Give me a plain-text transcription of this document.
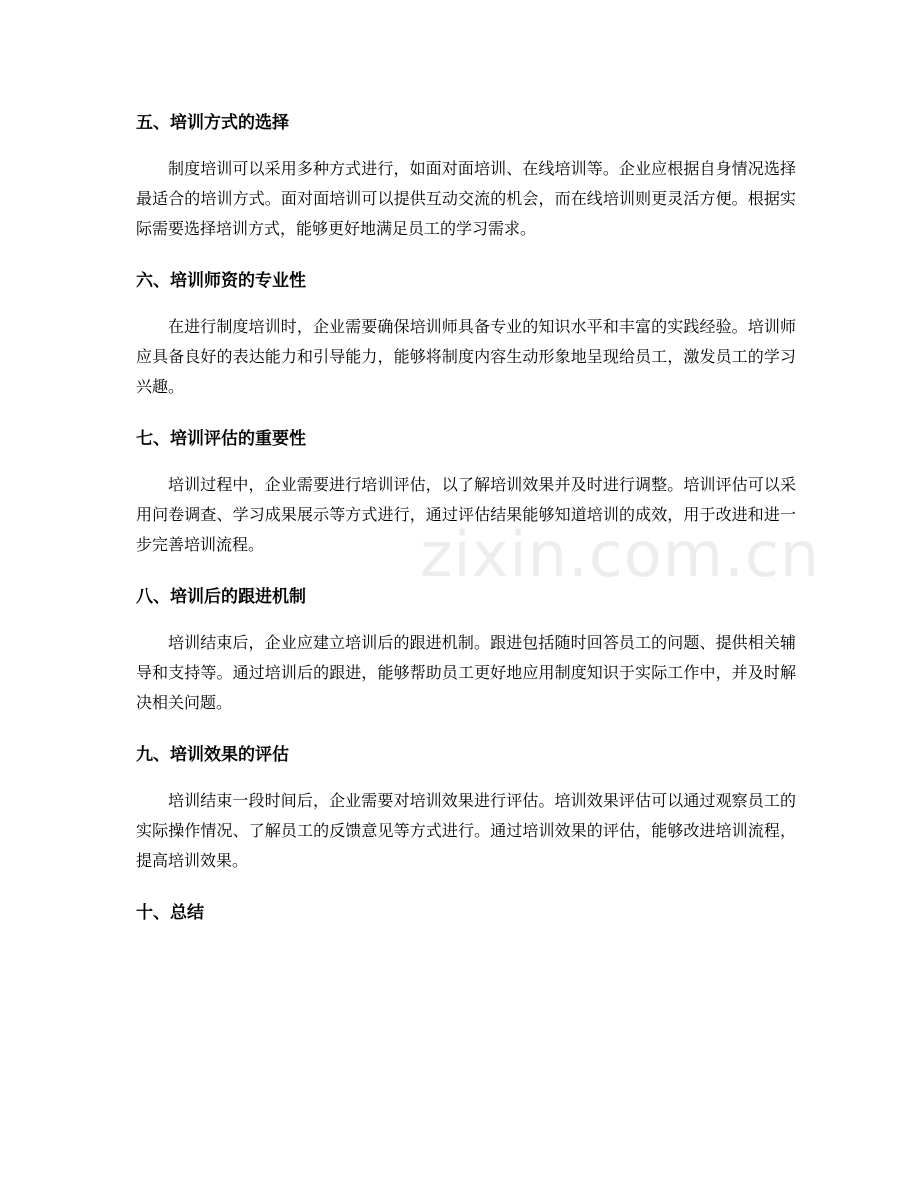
五、培训方式的选择

制度培训可以采用多种方式进行，如面对面培训、在线培训等。企业应根据自身情况选择最适合的培训方式。面对面培训可以提供互动交流的机会，而在线培训则更灵活方便。根据实际需要选择培训方式，能够更好地满足员工的学习需求。

六、培训师资的专业性

在进行制度培训时，企业需要确保培训师具备专业的知识水平和丰富的实践经验。培训师应具备良好的表达能力和引导能力，能够将制度内容生动形象地呈现给员工，激发员工的学习兴趣。

七、培训评估的重要性

培训过程中，企业需要进行培训评估，以了解培训效果并及时进行调整。培训评估可以采用问卷调查、学习成果展示等方式进行，通过评估结果能够知道培训的成效，用于改进和进一步完善培训流程。

八、培训后的跟进机制

培训结束后，企业应建立培训后的跟进机制。跟进包括随时回答员工的问题、提供相关辅导和支持等。通过培训后的跟进，能够帮助员工更好地应用制度知识于实际工作中，并及时解决相关问题。

九、培训效果的评估

培训结束一段时间后，企业需要对培训效果进行评估。培训效果评估可以通过观察员工的实际操作情况、了解员工的反馈意见等方式进行。通过培训效果的评估，能够改进培训流程，提高培训效果。

十、总结
zixin.com.cn
